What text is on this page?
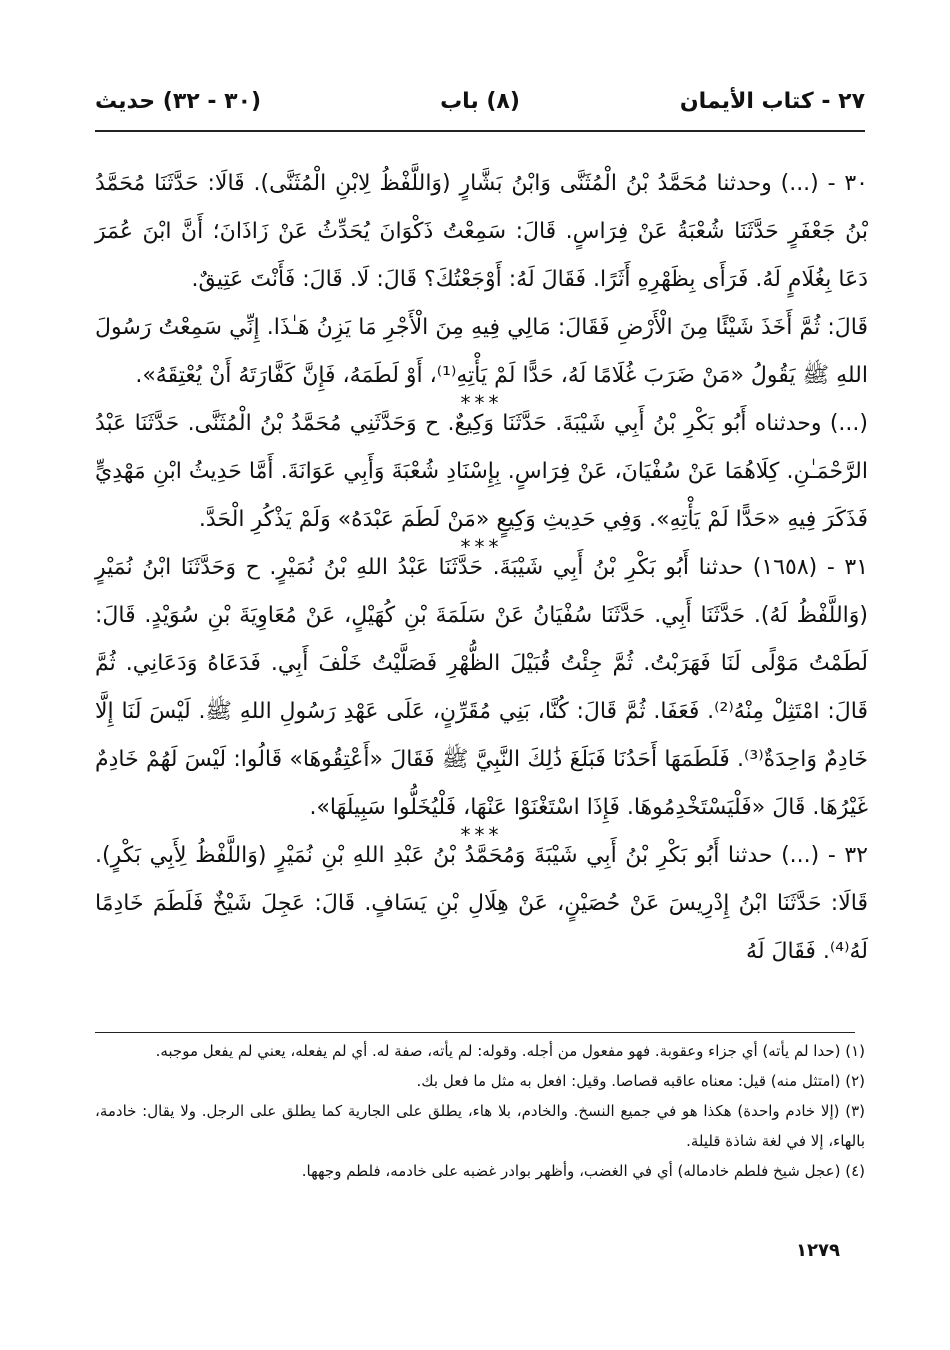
٢٧ - كتاب الأيمان
(٨) باب
(٣٠ - ٣٢) حديث

٣٠ - (...) وحدثنا مُحَمَّدُ بْنُ الْمُثَنَّى وَابْنُ بَشَّارٍ (وَاللَّفْظُ لِابْنِ الْمُثَنَّى). قَالَا: حَدَّثَنَا مُحَمَّدُ بْنُ جَعْفَرٍ حَدَّثَنَا شُعْبَةُ عَنْ فِرَاسٍ. قَالَ: سَمِعْتُ ذَكْوَانَ يُحَدِّثُ عَنْ زَاذَانَ؛ أَنَّ ابْنَ عُمَرَ دَعَا بِغُلَامٍ لَهُ. فَرَأَى بِظَهْرِهِ أَثَرًا. فَقَالَ لَهُ: أَوْجَعْتُكَ؟ قَالَ: لَا. قَالَ: فَأَنْتَ عَتِيقٌ.

قَالَ: ثُمَّ أَخَذَ شَيْئًا مِنَ الْأَرْضِ فَقَالَ: مَالِي فِيهِ مِنَ الْأَجْرِ مَا يَزِنُ هَـٰذَا. إِنِّي سَمِعْتُ رَسُولَ اللهِ ﷺ يَقُولُ «مَنْ ضَرَبَ غُلَامًا لَهُ، حَدًّا لَمْ يَأْتِهِ⁽¹⁾، أَوْ لَطَمَهُ، فَإِنَّ كَفَّارَتَهُ أَنْ يُعْتِقَهُ».

***

(...) وحدثناه أَبُو بَكْرِ بْنُ أَبِي شَيْبَةَ. حَدَّثَنَا وَكِيعٌ. ح وَحَدَّثَنِي مُحَمَّدُ بْنُ الْمُثَنَّى. حَدَّثَنَا عَبْدُ الرَّحْمَـٰنِ. كِلَاهُمَا عَنْ سُفْيَانَ، عَنْ فِرَاسٍ. بِإِسْنَادِ شُعْبَةَ وَأَبِي عَوَانَةَ. أَمَّا حَدِيثُ ابْنِ مَهْدِيٍّ فَذَكَرَ فِيهِ «حَدًّا لَمْ يَأْتِهِ». وَفِي حَدِيثِ وَكِيعٍ «مَنْ لَطَمَ عَبْدَهُ» وَلَمْ يَذْكُرِ الْحَدَّ.

***

٣١ - (١٦٥٨) حدثنا أَبُو بَكْرِ بْنُ أَبِي شَيْبَةَ. حَدَّثَنَا عَبْدُ اللهِ بْنُ نُمَيْرٍ. ح وَحَدَّثَنَا ابْنُ نُمَيْرٍ (وَاللَّفْظُ لَهُ). حَدَّثَنَا أَبِي. حَدَّثَنَا سُفْيَانُ عَنْ سَلَمَةَ بْنِ كُهَيْلٍ، عَنْ مُعَاوِيَةَ بْنِ سُوَيْدٍ. قَالَ: لَطَمْتُ مَوْلًى لَنَا فَهَرَبْتُ. ثُمَّ جِئْتُ قُبَيْلَ الظُّهْرِ فَصَلَّيْتُ خَلْفَ أَبِي. فَدَعَاهُ وَدَعَانِي. ثُمَّ قَالَ: امْتَثِلْ مِنْهُ⁽²⁾. فَعَفَا. ثُمَّ قَالَ: كُنَّا، بَنِي مُقَرِّنٍ، عَلَى عَهْدِ رَسُولِ اللهِ ﷺ. لَيْسَ لَنَا إِلَّا خَادِمٌ وَاحِدَةٌ⁽³⁾. فَلَطَمَهَا أَحَدُنَا فَبَلَغَ ذَٰلِكَ النَّبِيَّ ﷺ فَقَالَ «أَعْتِقُوهَا» قَالُوا: لَيْسَ لَهُمْ خَادِمٌ غَيْرُهَا. قَالَ «فَلْيَسْتَخْدِمُوهَا. فَإِذَا اسْتَغْنَوْا عَنْهَا، فَلْيُخَلُّوا سَبِيلَهَا».

***

٣٢ - (...) حدثنا أَبُو بَكْرِ بْنُ أَبِي شَيْبَةَ وَمُحَمَّدُ بْنُ عَبْدِ اللهِ بْنِ نُمَيْرٍ (وَاللَّفْظُ لِأَبِي بَكْرٍ). قَالَا: حَدَّثَنَا ابْنُ إِدْرِيسَ عَنْ حُصَيْنٍ، عَنْ هِلَالِ بْنِ يَسَافٍ. قَالَ: عَجِلَ شَيْخٌ فَلَطَمَ خَادِمًا لَهُ⁽⁴⁾. فَقَالَ لَهُ

(١) (حدا لم يأته) أي جزاء وعقوبة. فهو مفعول من أجله. وقوله: لم يأته، صفة له. أي لم يفعله، يعني لم يفعل موجبه.

(٢) (امتثل منه) قيل: معناه عاقبه قصاصا. وقيل: افعل به مثل ما فعل بك.

(٣) (إلا خادم واحدة) هكذا هو في جميع النسخ. والخادم، بلا هاء، يطلق على الجارية كما يطلق على الرجل. ولا يقال: خادمة، بالهاء، إلا في لغة شاذة قليلة.

(٤) (عجل شيخ فلطم خادماله) أي في الغضب، وأظهر بوادر غضبه على خادمه، فلطم وجهها.

١٢٧٩
